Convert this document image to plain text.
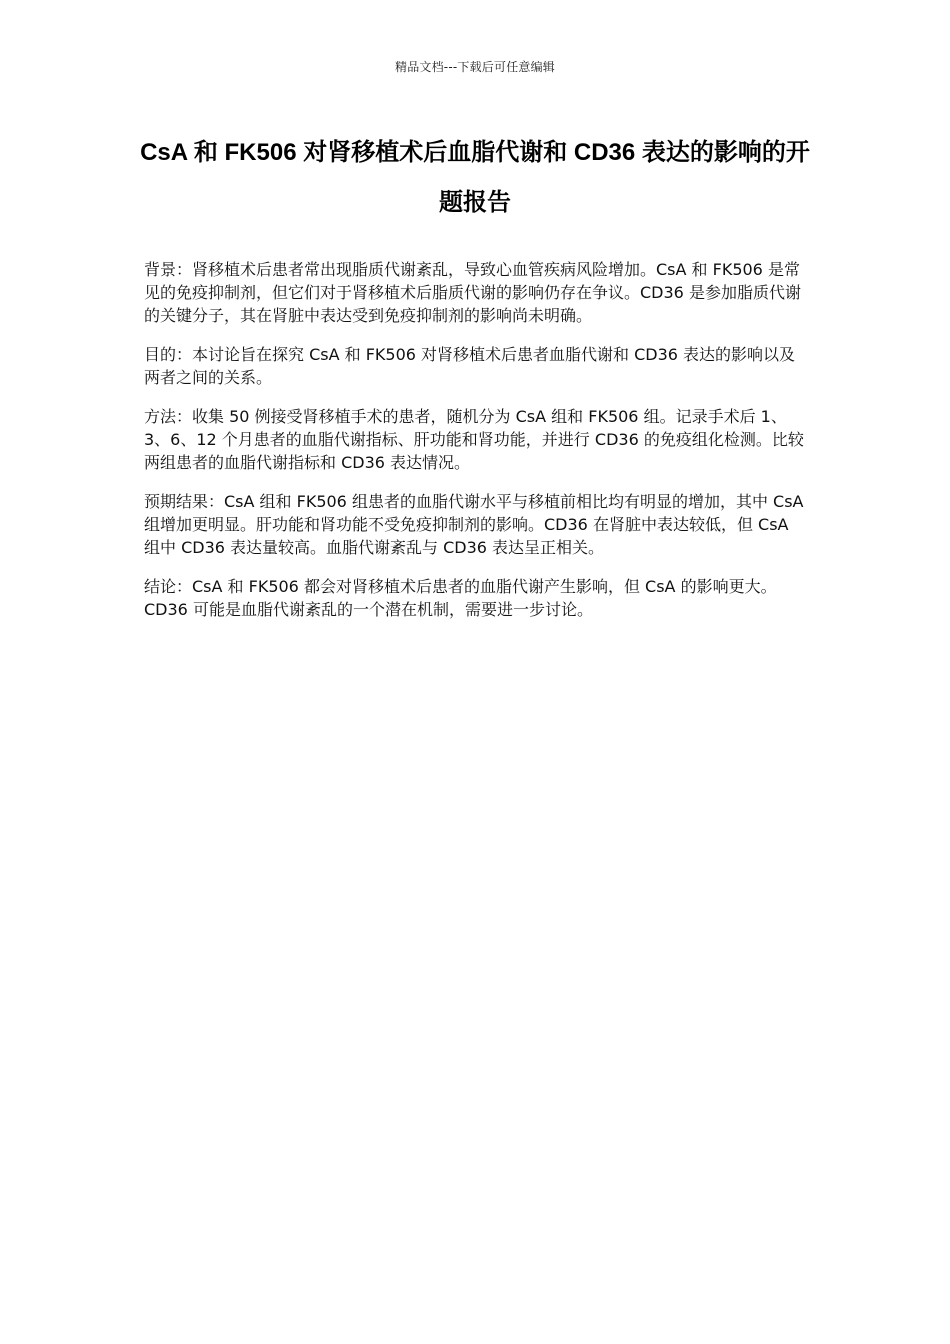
精品文档---下载后可任意编辑
CsA 和 FK506 对肾移植术后血脂代谢和 CD36 表达的影响的开题报告

背景：肾移植术后患者常出现脂质代谢紊乱，导致心血管疾病风险增加。CsA 和 FK506 是常见的免疫抑制剂，但它们对于肾移植术后脂质代谢的影响仍存在争议。CD36 是参加脂质代谢的关键分子，其在肾脏中表达受到免疫抑制剂的影响尚未明确。

目的：本讨论旨在探究 CsA 和 FK506 对肾移植术后患者血脂代谢和 CD36 表达的影响以及两者之间的关系。

方法：收集 50 例接受肾移植手术的患者，随机分为 CsA 组和 FK506 组。记录手术后 1、3、6、12 个月患者的血脂代谢指标、肝功能和肾功能，并进行 CD36 的免疫组化检测。比较两组患者的血脂代谢指标和 CD36 表达情况。

预期结果：CsA 组和 FK506 组患者的血脂代谢水平与移植前相比均有明显的增加，其中 CsA 组增加更明显。肝功能和肾功能不受免疫抑制剂的影响。CD36 在肾脏中表达较低，但 CsA 组中 CD36 表达量较高。血脂代谢紊乱与 CD36 表达呈正相关。

结论：CsA 和 FK506 都会对肾移植术后患者的血脂代谢产生影响，但 CsA 的影响更大。CD36 可能是血脂代谢紊乱的一个潜在机制，需要进一步讨论。
